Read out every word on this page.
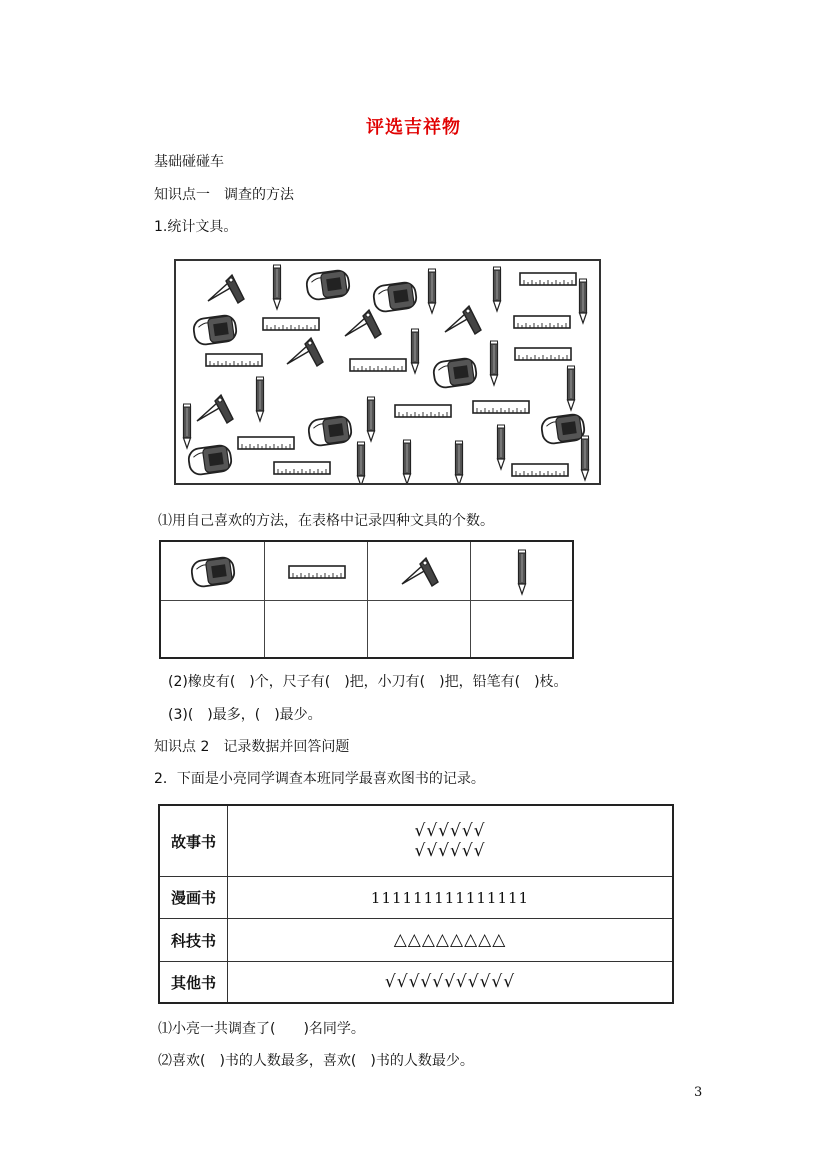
评选吉祥物
基础碰碰车
知识点一　调查的方法
1.统计文具。
⑴用自己喜欢的方法，在表格中记录四种文具的个数。
(2)橡皮有(　)个，尺子有(　)把，小刀有(　)把，铅笔有(　)枝。
(3)(　)最多，(　)最少。
知识点 2　记录数据并回答问题
2．下面是小亮同学调查本班同学最喜欢图书的记录。
故事书
√√√√√√
√√√√√√
漫画书	111111111111111
科技书	△△△△△△△△
其他书	√√√√√√√√√√√
⑴小亮一共调查了(　　)名同学。
⑵喜欢(　)书的人数最多，喜欢(　)书的人数最少。
3
